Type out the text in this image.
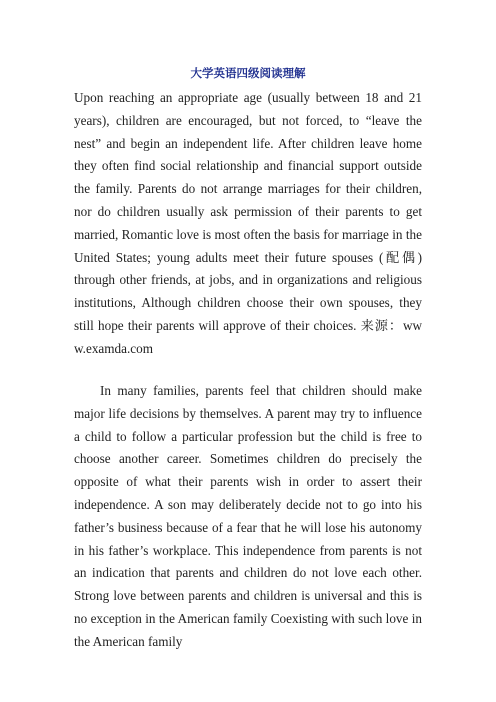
大学英语四级阅读理解

Upon reaching an appropriate age (usually between 18 and 21 years), children are encouraged, but not forced, to “leave the nest” and begin an independent life. After children leave home they often find social relationship and financial support outside the family. Parents do not arrange marriages for their children, nor do children usually ask permission of their parents to get married, Romantic love is most often the basis for marriage in the United States; young adults meet their future spouses (配偶) through other friends, at jobs, and in organizations and religious institutions, Although children choose their own spouses, they still hope their parents will approve of their choices. 来源：www.examda.com

In many families, parents feel that children should make major life decisions by themselves. A parent may try to influence a child to follow a particular profession but the child is free to choose another career. Sometimes children do precisely the opposite of what their parents wish in order to assert their independence. A son may deliberately decide not to go into his father’s business because of a fear that he will lose his autonomy in his father’s workplace. This independence from parents is not an indication that parents and children do not love each other. Strong love between parents and children is universal and this is no exception in the American family Coexisting with such love in the American family
